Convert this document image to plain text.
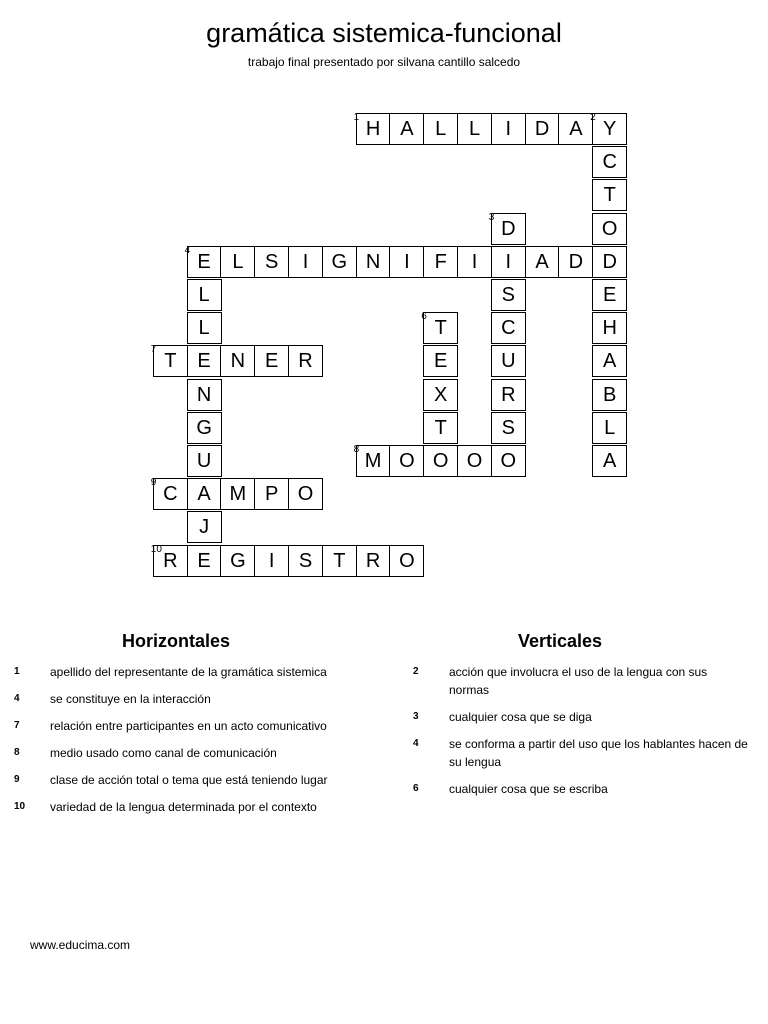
gramática sistemica-funcional
trabajo final presentado por silvana cantillo salcedo
H A	L	L	I	D A	Y
C
T
O
D
E
H
A
B
L
A
D
I
S
C
U
R
S
O
E	L	S	I	G N	I	F	I	A D
L
L
E
N
G
U
A
J
E
T
E
X
T
O
T	N E R
M O	O
C	M P O
R	G	I	S	T	R O
1	2
3
4
6
7
8
9
10
Horizontales	Verticales
1	apellido del representante de la gramática sistemica
4	se constituye en la interacción
7	relación entre participantes en un acto comunicativo
8	medio usado como canal de comunicación
9	clase de acción total o tema que está teniendo lugar
10 variedad de la lengua determinada por el contexto
2	acción que involucra el uso de la lengua con sus normas
3	cualquier cosa que se diga
4	se conforma a partir del uso que los hablantes hacen de su lengua
6	cualquier cosa que se escriba
www.educima.com
